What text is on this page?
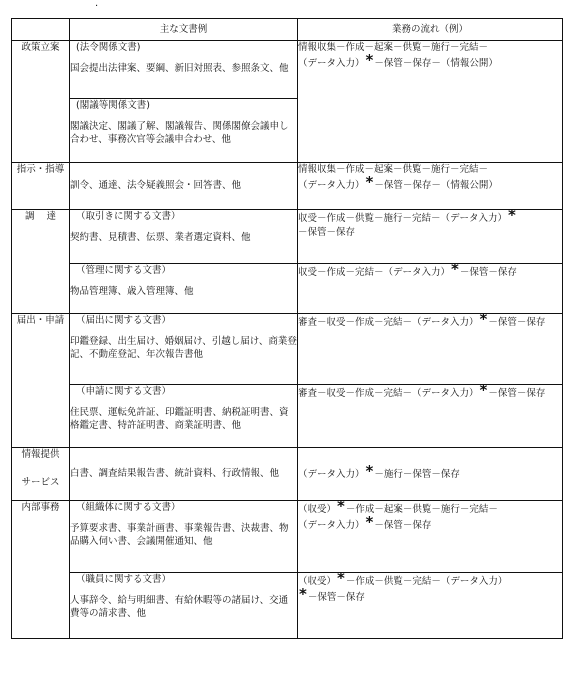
·
	主な文書例	業務の流れ（例）
政策立案	(法令関係文書)
国会提出法律案、要綱、新旧対照表、参照条文、他	情報収集－作成－起案－供覧－施行－完結－
（データ入力）*－保管－保存－（情報公開）

	(閣議等関係文書)
閣議決定、閣議了解、閣議報告、関係閣僚会議申し合わせ、事務次官等会議申合わせ、他	

指示・指導	訓令、通達、法令疑義照会・回答書、他	情報収集－作成－起案－供覧－施行－完結－
（データ入力）*－保管－保存－（情報公開）

調 達	（取引きに関する文書）
契約書、見積書、伝票、業者選定資料、他	収受－作成－供覧－施行－完結－（データ入力）*
－保管－保存

	（管理に関する文書）
物品管理簿、歳入管理簿、他	収受－作成－完結－（データ入力）*－保管－保存

届出・申請	（届出に関する文書）
印鑑登録、出生届け、婚姻届け、引越し届け、商業登記、不動産登記、年次報告書他	審査－収受－作成－完結－（データ入力）*－保管－保存

	（申請に関する文書）
住民票、運転免許証、印鑑証明書、納税証明書、資格鑑定書、特許証明書、商業証明書、他	審査－収受－作成－完結－（データ入力）*－保管－保存

情報提供
サービス	白書、調査結果報告書、統計資料、行政情報、他	（データ入力）*－施行－保管－保存

内部事務	（組織体に関する文書）
予算要求書、事業計画書、事業報告書、決裁書、物品購入伺い書、会議開催通知、他	（収受）*－作成－起案－供覧－施行－完結－
（データ入力）*－保管－保存

	（職員に関する文書）
人事辞令、給与明細書、有給休暇等の諸届け、交通費等の請求書、他	（収受）*－作成－供覧－完結－（データ入力）
*－保管－保存
